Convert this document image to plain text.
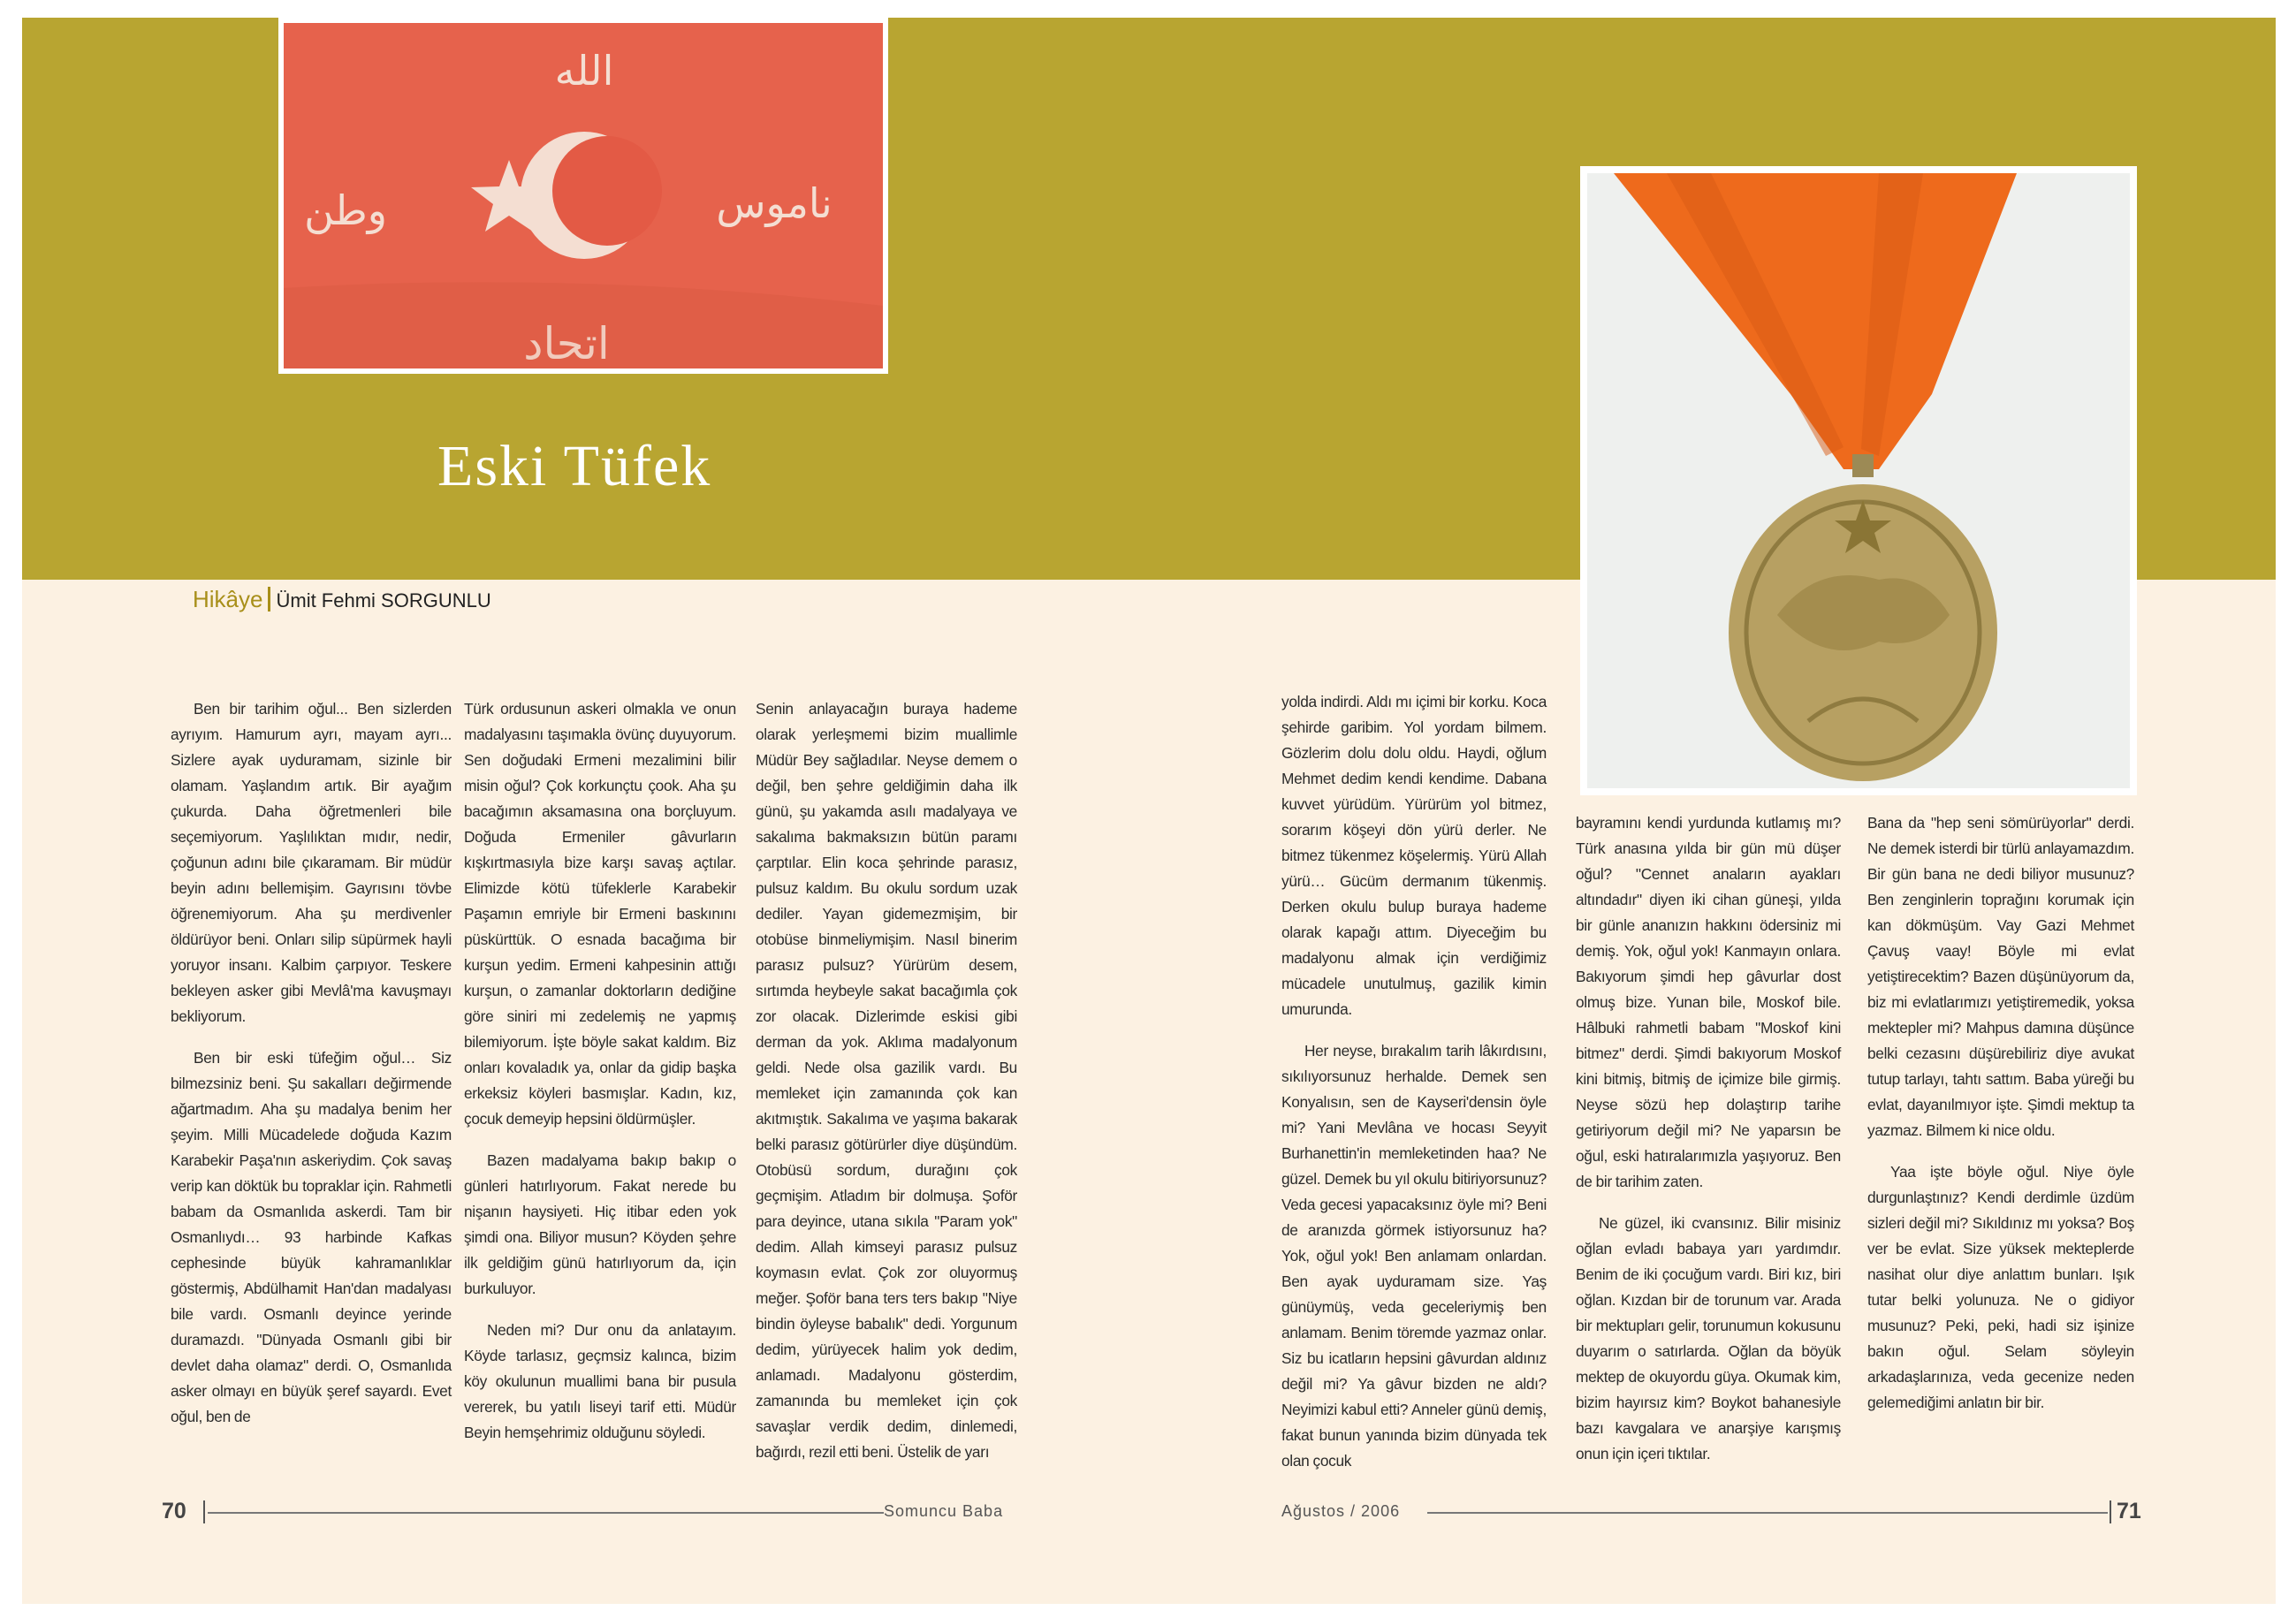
الله
وطن	ناموس
اتحاد
Eski Tüfek
Hikâye Ümit Fehmi SORGUNLU

Ben bir tarihim oğul... Ben sizlerden ayrıyım. Hamurum ayrı, mayam ayrı... Sizlere ayak uyduramam, sizinle bir olamam. Yaşlandım artık. Bir ayağım çukurda. Daha öğretmenleri bile seçemiyorum. Yaşlılıktan mıdır, nedir, çoğunun adını bile çıkaramam. Bir müdür beyin adını bellemişim. Gayrısını tövbe öğrenemiyorum. Aha şu merdivenler öldürüyor beni. Onları silip süpürmek hayli yoruyor insanı. Kalbim çarpıyor. Teskere bekleyen asker gibi Mevlâ'ma kavuşmayı bekliyorum.

Ben bir eski tüfeğim oğul… Siz bilmezsiniz beni. Şu sakalları değirmende ağartmadım. Aha şu madalya benim her şeyim. Milli Mücadelede doğuda Kazım Karabekir Paşa'nın askeriydim. Çok savaş verip kan döktük bu topraklar için. Rahmetli babam da Osmanlıda askerdi. Tam bir Osmanlıydı… 93 harbinde Kafkas cephesinde büyük kahramanlıklar göstermiş, Abdülhamit Han'dan madalyası bile vardı. Osmanlı deyince yerinde duramazdı. "Dünyada Osmanlı gibi bir devlet daha olamaz" derdi. O, Osmanlıda asker olmayı en büyük şeref sayardı. Evet oğul, ben de

Türk ordusunun askeri olmakla ve onun madalyasını taşımakla övünç duyuyorum. Sen doğudaki Ermeni mezalimini bilir misin oğul? Çok korkunçtu çook. Aha şu bacağımın aksamasına ona borçluyum. Doğuda Ermeniler gâvurların kışkırtmasıyla bize karşı savaş açtılar. Elimizde kötü tüfeklerle Karabekir Paşamın emriyle bir Ermeni baskınını püskürttük. O esnada bacağıma bir kurşun yedim. Ermeni kahpesinin attığı kurşun, o zamanlar doktorların dediğine göre siniri mi zedelemiş ne yapmış bilemiyorum. İşte böyle sakat kaldım. Biz onları kovaladık ya, onlar da gidip başka erkeksiz köyleri basmışlar. Kadın, kız, çocuk demeyip hepsini öldürmüşler.

Bazen madalyama bakıp bakıp o günleri hatırlıyorum. Fakat nerede bu nişanın haysiyeti. Hiç itibar eden yok şimdi ona. Biliyor musun? Köyden şehre ilk geldiğim günü hatırlıyorum da, için burkuluyor.

Neden mi? Dur onu da anlatayım. Köyde tarlasız, geçmsiz kalınca, bizim köy okulunun muallimi bana bir pusula vererek, bu yatılı liseyi tarif etti. Müdür Beyin hemşehrimiz olduğunu söyledi.

Senin anlayacağın buraya hademe olarak yerleşmemi bizim muallimle Müdür Bey sağladılar. Neyse demem o değil, ben şehre geldiğimin daha ilk günü, şu yakamda asılı madalyaya ve sakalıma bakmaksızın bütün paramı çarptılar. Elin koca şehrinde parasız, pulsuz kaldım. Bu okulu sordum uzak dediler. Yayan gidemezmişim, bir otobüse binmeliymişim. Nasıl binerim parasız pulsuz? Yürürüm desem, sırtımda heybeyle sakat bacağımla çok zor olacak. Dizlerimde eskisi gibi derman da yok. Aklıma madalyonum geldi. Nede olsa gazilik vardı. Bu memleket için zamanında çok kan akıtmıştık. Sakalıma ve yaşıma bakarak belki parasız götürürler diye düşündüm. Otobüsü sordum, durağını çok geçmişim. Atladım bir dolmuşa. Şoför para deyince, utana sıkıla "Param yok" dedim. Allah kimseyi parasız pulsuz koymasın evlat. Çok zor oluyormuş meğer. Şoför bana ters ters bakıp "Niye bindin öyleyse babalık" dedi. Yorgunum dedim, yürüyecek halim yok dedim, anlamadı. Madalyonu gösterdim, zamanında bu memleket için çok savaşlar verdik dedim, dinlemedi, bağırdı, rezil etti beni. Üstelik de yarı

yolda indirdi. Aldı mı içimi bir korku. Koca şehirde garibim. Yol yordam bilmem. Gözlerim dolu dolu oldu. Haydi, oğlum Mehmet dedim kendi kendime. Dabana kuvvet yürüdüm. Yürürüm yol bitmez, sorarım köşeyi dön yürü derler. Ne bitmez tükenmez köşelermiş. Yürü Allah yürü… Gücüm dermanım tükenmiş. Derken okulu bulup buraya hademe olarak kapağı attım. Diyeceğim bu madalyonu almak için verdiğimiz mücadele unutulmuş, gazilik kimin umurunda.

Her neyse, bırakalım tarih lâkırdısını, sıkılıyorsunuz herhalde. Demek sen Konyalısın, sen de Kayseri'densin öyle mi? Yani Mevlâna ve hocası Seyyit Burhanettin'in memleketinden haa? Ne güzel. Demek bu yıl okulu bitiriyorsunuz? Veda gecesi yapacaksınız öyle mi? Beni de aranızda görmek istiyorsunuz ha? Yok, oğul yok! Ben anlamam onlardan. Ben ayak uyduramam size. Yaş günüymüş, veda geceleriymiş ben anlamam. Benim töremde yazmaz onlar. Siz bu icatların hepsini gâvurdan aldınız değil mi? Ya gâvur bizden ne aldı? Neyimizi kabul etti? Anneler günü demiş, fakat bunun yanında bizim dünyada tek olan çocuk

bayramını kendi yurdunda kutlamış mı? Türk anasına yılda bir gün mü düşer oğul? "Cennet anaların ayakları altındadır" diyen iki cihan güneşi, yılda bir günle ananızın hakkını ödersiniz mi demiş. Yok, oğul yok! Kanmayın onlara. Bakıyorum şimdi hep gâvurlar dost olmuş bize. Yunan bile, Moskof bile. Hâlbuki rahmetli babam "Moskof kini bitmez" derdi. Şimdi bakıyorum Moskof kini bitmiş, bitmiş de içimize bile girmiş. Neyse sözü hep dolaştırıp tarihe getiriyorum değil mi? Ne yaparsın be oğul, eski hatıralarımızla yaşıyoruz. Ben de bir tarihim zaten.

Ne güzel, iki cvansınız. Bilir misiniz oğlan evladı babaya yarı yardımdır. Benim de iki çocuğum vardı. Biri kız, biri oğlan. Kızdan bir de torunum var. Arada bir mektupları gelir, torunumun kokusunu duyarım o satırlarda. Oğlan da böyük mektep de okuyordu güya. Okumak kim, bizim hayırsız kim? Boykot bahanesiyle bazı kavgalara ve anarşiye karışmış onun için içeri tıktılar.

Bana da "hep seni sömürüyorlar" derdi. Ne demek isterdi bir türlü anlayamazdım. Bir gün bana ne dedi biliyor musunuz? Ben zenginlerin toprağını korumak için kan dökmüşüm. Vay Gazi Mehmet Çavuş vaay! Böyle mi evlat yetiştirecektim? Bazen düşünüyorum da, biz mi evlatlarımızı yetiştiremedik, yoksa mektepler mi? Mahpus damına düşünce belki cezasını düşürebiliriz diye avukat tutup tarlayı, tahtı sattım. Baba yüreği bu evlat, dayanılmıyor işte. Şimdi mektup ta yazmaz. Bilmem ki nice oldu.

Yaa işte böyle oğul. Niye öyle durgunlaştınız? Kendi derdimle üzdüm sizleri değil mi? Sıkıldınız mı yoksa? Boş ver be evlat. Size yüksek mekteplerde nasihat olur diye anlattım bunları. Işık tutar belki yolunuza. Ne o gidiyor musunuz? Peki, peki, hadi siz işinize bakın oğul. Selam söyleyin arkadaşlarınıza, veda gecenize neden gelemediğimi anlatın bir bir.

70	Somuncu Baba	Ağustos / 2006	71
